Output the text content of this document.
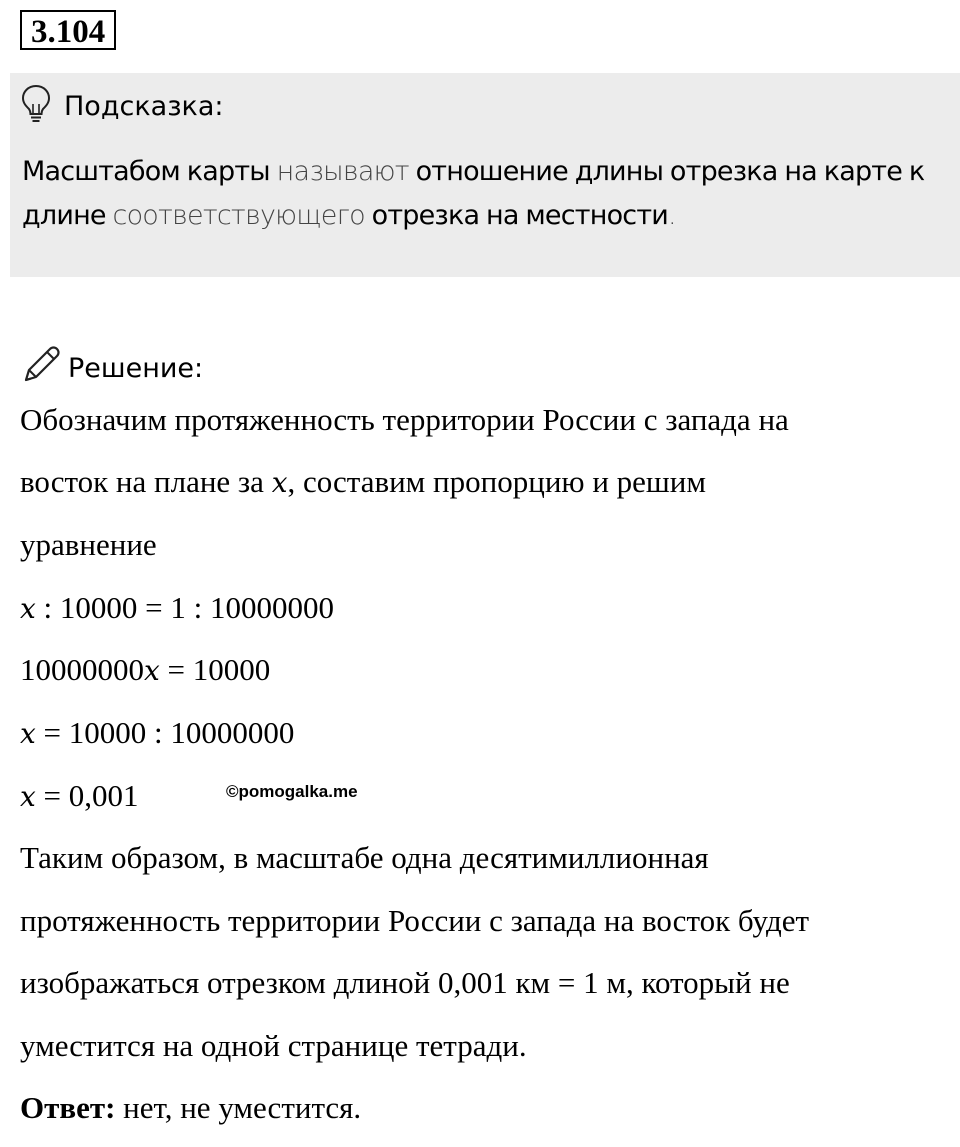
3.104
Подсказка:
Масштабом карты называют отношение длины отрезка на карте к длине соответствующего отрезка на местности.
Решение:
Обозначим протяженность территории России с запада на
восток на плане за x, составим пропорцию и решим
уравнение
x : 10000 = 1 : 10000000
10000000x = 10000
x = 10000 : 10000000
x = 0,001	©pomogalka.me
Таким образом, в масштабе одна десятимиллионная
протяженность территории России с запада на восток будет
изображаться отрезком длиной 0,001 км = 1 м, который не
уместится на одной странице тетради.
Ответ: нет, не уместится.
